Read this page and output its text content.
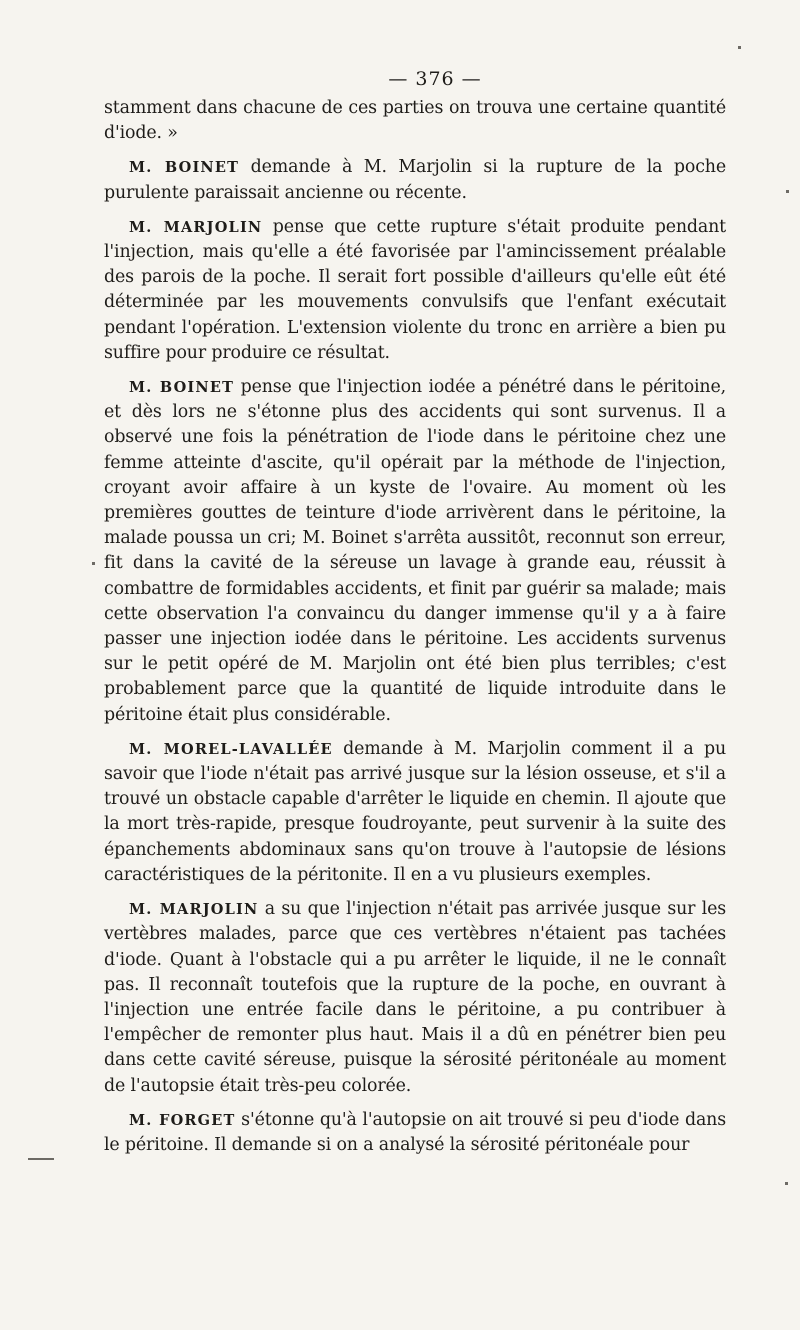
— 376 —

stamment dans chacune de ces parties on trouva une certaine quantité d'iode. »

M. BOINET demande à M. Marjolin si la rupture de la poche purulente paraissait ancienne ou récente.

M. MARJOLIN pense que cette rupture s'était produite pendant l'injection, mais qu'elle a été favorisée par l'amincissement préalable des parois de la poche. Il serait fort possible d'ailleurs qu'elle eût été déterminée par les mouvements convulsifs que l'enfant exécutait pendant l'opération. L'extension violente du tronc en arrière a bien pu suffire pour produire ce résultat.

M. BOINET pense que l'injection iodée a pénétré dans le péritoine, et dès lors ne s'étonne plus des accidents qui sont survenus. Il a observé une fois la pénétration de l'iode dans le péritoine chez une femme atteinte d'ascite, qu'il opérait par la méthode de l'injection, croyant avoir affaire à un kyste de l'ovaire. Au moment où les premières gouttes de teinture d'iode arrivèrent dans le péritoine, la malade poussa un cri; M. Boinet s'arrêta aussitôt, reconnut son erreur, fit dans la cavité de la séreuse un lavage à grande eau, réussit à combattre de formidables accidents, et finit par guérir sa malade; mais cette observation l'a convaincu du danger immense qu'il y a à faire passer une injection iodée dans le péritoine. Les accidents survenus sur le petit opéré de M. Marjolin ont été bien plus terribles; c'est probablement parce que la quantité de liquide introduite dans le péritoine était plus considérable.

M. MOREL-LAVALLÉE demande à M. Marjolin comment il a pu savoir que l'iode n'était pas arrivé jusque sur la lésion osseuse, et s'il a trouvé un obstacle capable d'arrêter le liquide en chemin. Il ajoute que la mort très-rapide, presque foudroyante, peut survenir à la suite des épanchements abdominaux sans qu'on trouve à l'autopsie de lésions caractéristiques de la péritonite. Il en a vu plusieurs exemples.

M. MARJOLIN a su que l'injection n'était pas arrivée jusque sur les vertèbres malades, parce que ces vertèbres n'étaient pas tachées d'iode. Quant à l'obstacle qui a pu arrêter le liquide, il ne le connaît pas. Il reconnaît toutefois que la rupture de la poche, en ouvrant à l'injection une entrée facile dans le péritoine, a pu contribuer à l'empêcher de remonter plus haut. Mais il a dû en pénétrer bien peu dans cette cavité séreuse, puisque la sérosité péritonéale au moment de l'autopsie était très-peu colorée.

M. FORGET s'étonne qu'à l'autopsie on ait trouvé si peu d'iode dans le péritoine. Il demande si on a analysé la sérosité péritonéale pour
